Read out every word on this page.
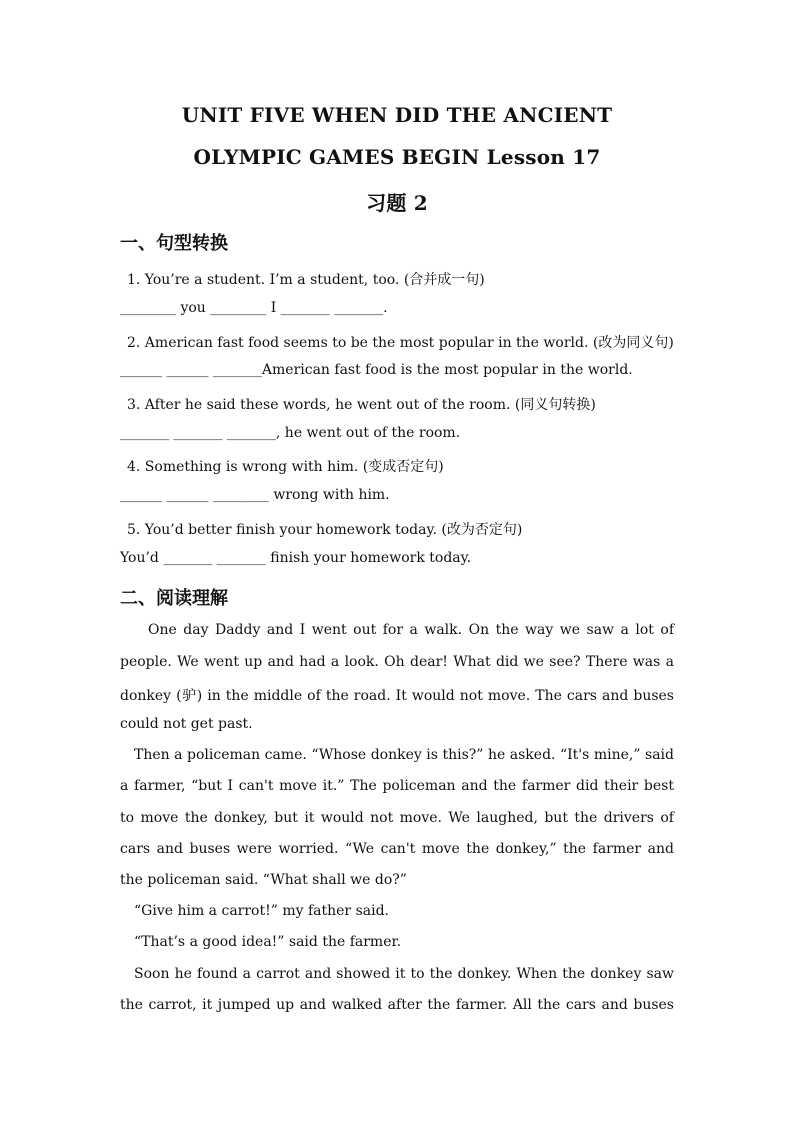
UNIT FIVE WHEN DID THE ANCIENT
OLYMPIC GAMES BEGIN Lesson 17
习题 2
一、句型转换
1. You’re a student. I’m a student, too. (合并成一句)
________ you ________ I _______ _______.
2. American fast food seems to be the most popular in the world. (改为同义句)
______ ______ _______American fast food is the most popular in the world.
3. After he said these words, he went out of the room. (同义句转换)
_______ _______ _______, he went out of the room.
4. Something is wrong with him. (变成否定句)
______ ______ ________ wrong with him.
5. You’d better finish your homework today. (改为否定句)
You’d _______ _______ finish your homework today.
二、阅读理解
One day Daddy and I went out for a walk. On the way we saw a lot of
people. We went up and had a look. Oh dear! What did we see? There was a
donkey (驴) in the middle of the road. It would not move. The cars and buses
could not get past.
Then a policeman came. “Whose donkey is this?” he asked. “It's mine,” said
a farmer, “but I can't move it.” The policeman and the farmer did their best
to move the donkey, but it would not move. We laughed, but the drivers of
cars and buses were worried. “We can't move the donkey,” the farmer and
the policeman said. “What shall we do?”
“Give him a carrot!” my father said.
“That’s a good idea!” said the farmer.
Soon he found a carrot and showed it to the donkey. When the donkey saw
the carrot, it jumped up and walked after the farmer. All the cars and buses
